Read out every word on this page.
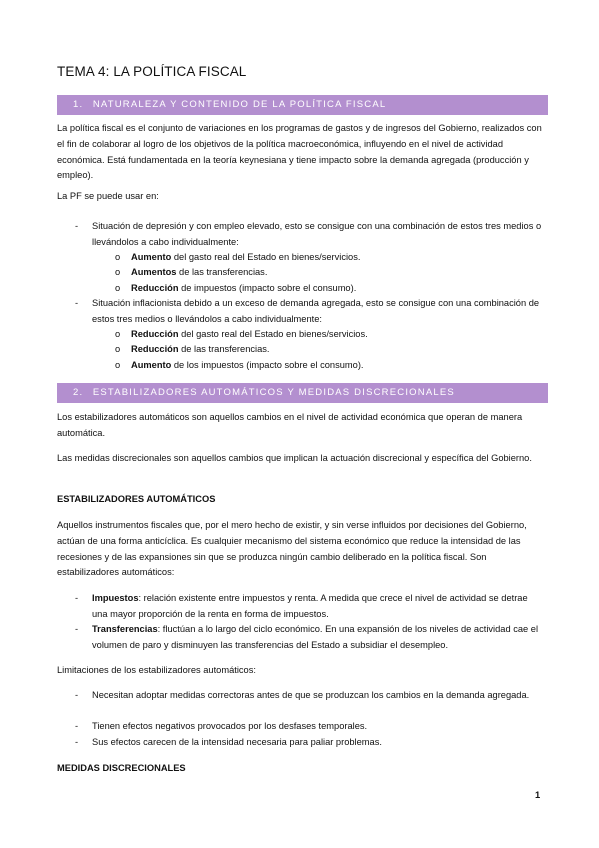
TEMA 4: LA POLÍTICA FISCAL
1. NATURALEZA Y CONTENIDO DE LA POLÍTICA FISCAL

La política fiscal es el conjunto de variaciones en los programas de gastos y de ingresos del Gobierno, realizados con el fin de colaborar al logro de los objetivos de la política macroeconómica, influyendo en el nivel de actividad económica. Está fundamentada en la teoría keynesiana y tiene impacto sobre la demanda agregada (producción y empleo).

La PF se puede usar en:

- Situación de depresión y con empleo elevado, esto se consigue con una combinación de estos tres medios o llevándolos a cabo individualmente:
o Aumento del gasto real del Estado en bienes/servicios.
o Aumentos de las transferencias.
o Reducción de impuestos (impacto sobre el consumo).
- Situación inflacionista debido a un exceso de demanda agregada, esto se consigue con una combinación de estos tres medios o llevándolos a cabo individualmente:
o Reducción del gasto real del Estado en bienes/servicios.
o Reducción de las transferencias.
o Aumento de los impuestos (impacto sobre el consumo).
2. ESTABILIZADORES AUTOMÁTICOS Y MEDIDAS DISCRECIONALES

Los estabilizadores automáticos son aquellos cambios en el nivel de actividad económica que operan de manera automática.

Las medidas discrecionales son aquellos cambios que implican la actuación discrecional y específica del Gobierno.

ESTABILIZADORES AUTOMÁTICOS

Aquellos instrumentos fiscales que, por el mero hecho de existir, y sin verse influidos por decisiones del Gobierno, actúan de una forma anticíclica. Es cualquier mecanismo del sistema económico que reduce la intensidad de las recesiones y de las expansiones sin que se produzca ningún cambio deliberado en la política fiscal. Son estabilizadores automáticos:

- Impuestos: relación existente entre impuestos y renta. A medida que crece el nivel de actividad se detrae una mayor proporción de la renta en forma de impuestos.
- Transferencias: fluctúan a lo largo del ciclo económico. En una expansión de los niveles de actividad cae el volumen de paro y disminuyen las transferencias del Estado a subsidiar el desempleo.

Limitaciones de los estabilizadores automáticos:

- Necesitan adoptar medidas correctoras antes de que se produzcan los cambios en la demanda agregada.
- Tienen efectos negativos provocados por los desfases temporales.
- Sus efectos carecen de la intensidad necesaria para paliar problemas.

MEDIDAS DISCRECIONALES

1
